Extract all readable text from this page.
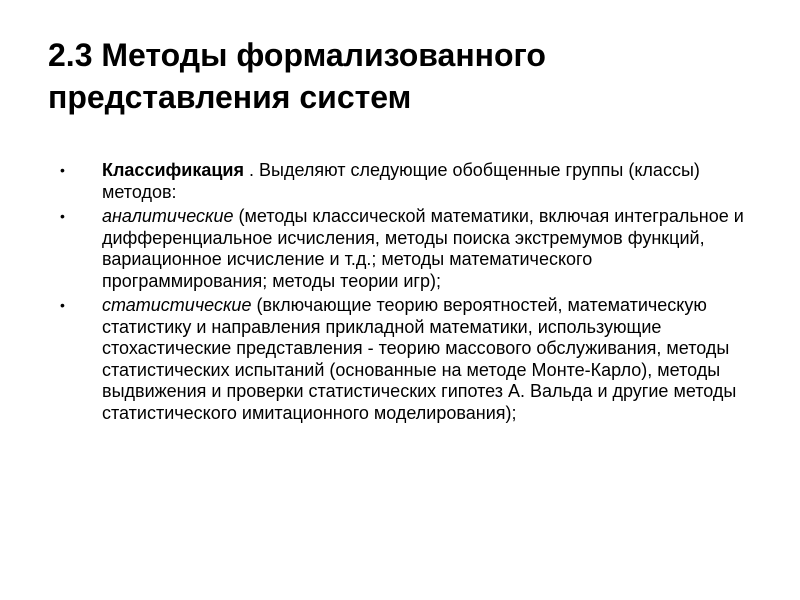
2.3 Методы формализованного представления систем
• Классификация . Выделяют следующие обобщенные группы (классы) методов:
• аналитические (методы классической математики, включая интегральное и дифференциальное исчисления, методы поиска экстремумов функций, вариационное исчисление и т.д.; методы математического программирования; методы теории игр);
• статистические (включающие теорию вероятностей, математическую статистику и направления прикладной математики, использующие стохастические представления - теорию массового обслуживания, методы статистических испытаний (основанные на методе Монте-Карло), методы выдвижения и проверки статистических гипотез А. Вальда и другие методы статистического имитационного моделирования);
